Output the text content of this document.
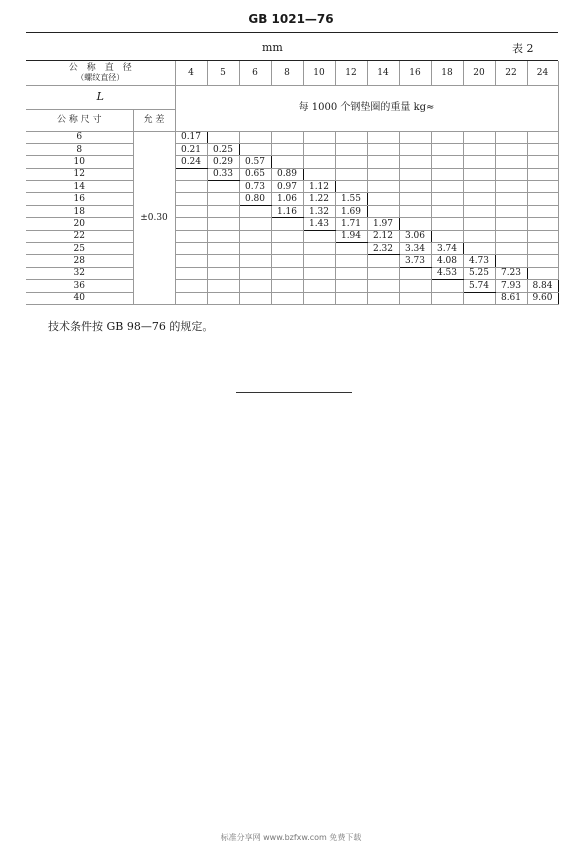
GB 1021—76
mm	表 2
公　称　直　径
（螺纹直径）		4	5	6	8	10	12	14	16	18	20	22	24
L		每 1000 个钢垫圈的重量 kg≈											
公 称 尺 寸	允 差												
6	±0.30	0.17											
8		0.21	0.25										
10		0.24	0.29	0.57									
12			0.33	0.65	0.89								
14				0.73	0.97	1.12							
16				0.80	1.06	1.22	1.55						
18					1.16	1.32	1.69						
20						1.43	1.71	1.97					
22							1.94	2.12	3.06				
25								2.32	3.34	3.74			
28									3.73	4.08	4.73		
32										4.53	5.25	7.23	
36											5.74	7.93	8.84
40												8.61	9.60
技术条件按 GB 98—76 的规定。
标准分享网 www.bzfxw.com 免费下载
